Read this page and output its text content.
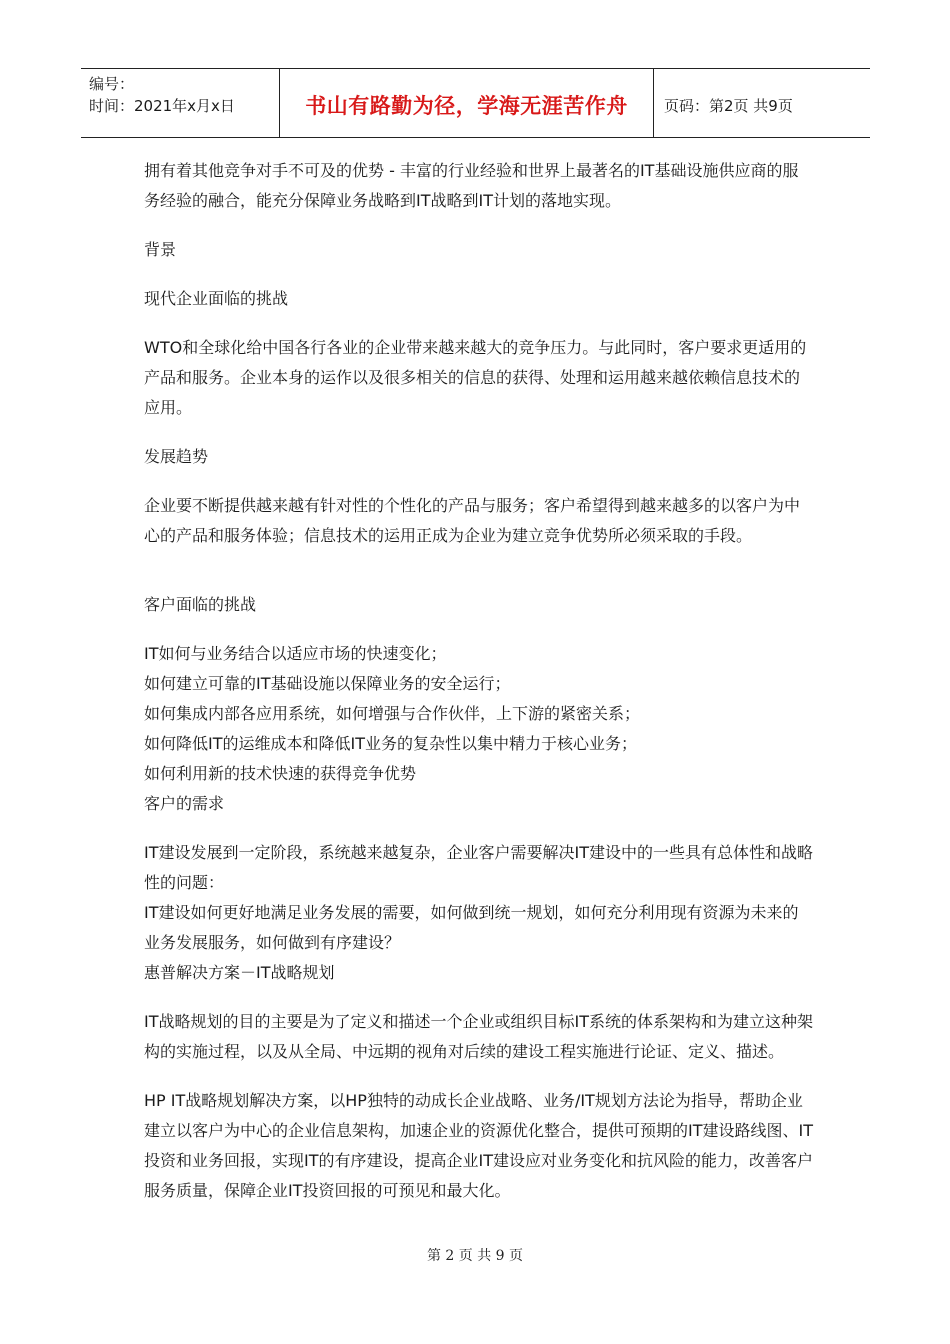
编号：
时间：2021年x月x日	书山有路勤为径，学海无涯苦作舟	页码：第2页 共9页

拥有着其他竞争对手不可及的优势 - 丰富的行业经验和世界上最著名的IT基础设施供应商的服务经验的融合，能充分保障业务战略到IT战略到IT计划的落地实现。

背景

现代企业面临的挑战

WTO和全球化给中国各行各业的企业带来越来越大的竞争压力。与此同时，客户要求更适用的产品和服务。企业本身的运作以及很多相关的信息的获得、处理和运用越来越依赖信息技术的应用。

发展趋势

企业要不断提供越来越有针对性的个性化的产品与服务；客户希望得到越来越多的以客户为中心的产品和服务体验；信息技术的运用正成为企业为建立竞争优势所必须采取的手段。

客户面临的挑战

IT如何与业务结合以适应市场的快速变化；

如何建立可靠的IT基础设施以保障业务的安全运行；

如何集成内部各应用系统，如何增强与合作伙伴，上下游的紧密关系；

如何降低IT的运维成本和降低IT业务的复杂性以集中精力于核心业务；

如何利用新的技术快速的获得竞争优势

客户的需求

IT建设发展到一定阶段，系统越来越复杂，企业客户需要解决IT建设中的一些具有总体性和战略性的问题：

IT建设如何更好地满足业务发展的需要，如何做到统一规划，如何充分利用现有资源为未来的业务发展服务，如何做到有序建设？

惠普解决方案－IT战略规划

IT战略规划的目的主要是为了定义和描述一个企业或组织目标IT系统的体系架构和为建立这种架构的实施过程，以及从全局、中远期的视角对后续的建设工程实施进行论证、定义、描述。

HP IT战略规划解决方案，以HP独特的动成长企业战略、业务/IT规划方法论为指导，帮助企业建立以客户为中心的企业信息架构，加速企业的资源优化整合，提供可预期的IT建设路线图、IT投资和业务回报，实现IT的有序建设，提高企业IT建设应对业务变化和抗风险的能力，改善客户服务质量，保障企业IT投资回报的可预见和最大化。

第 2 页 共 9 页
